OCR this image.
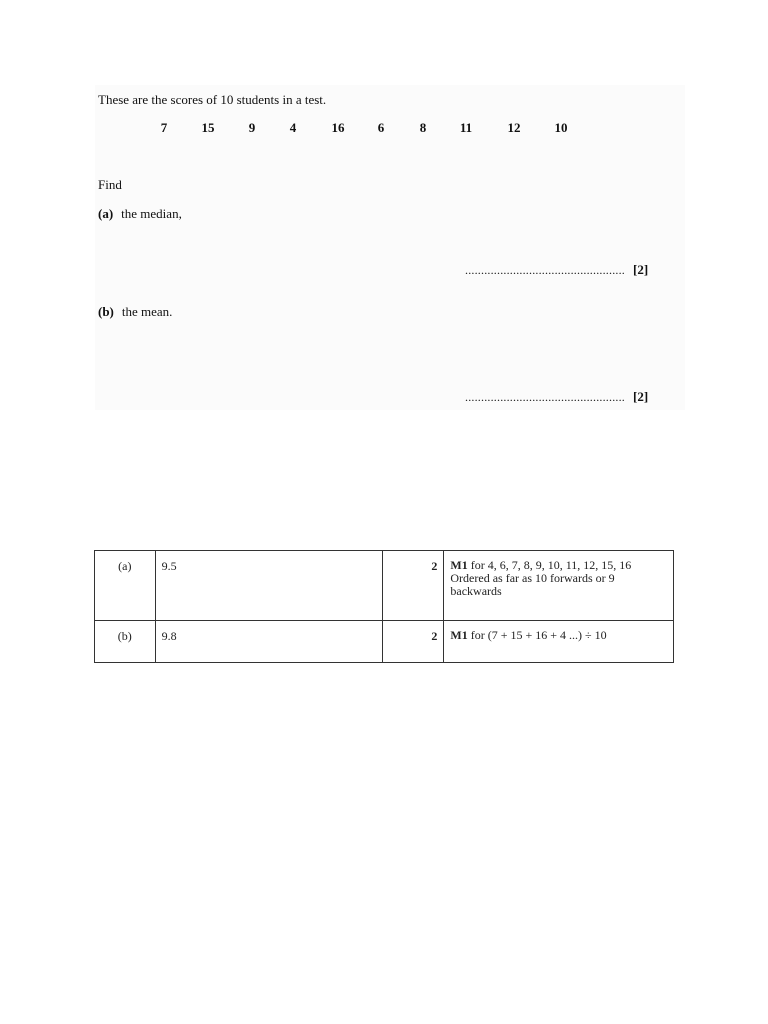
These are the scores of 10 students in a test.
7	15	9	4	16	6	8	11	12	10
Find
(a) the median,
.................................................. [2]
(b) the mean.
.................................................. [2]
(a)	9.5	2	M1 for 4, 6, 7, 8, 9, 10, 11, 12, 15, 16 Ordered as far as 10 forwards or 9 backwards
(b)	9.8	2	M1 for (7 + 15 + 16 + 4 ...) ÷ 10
